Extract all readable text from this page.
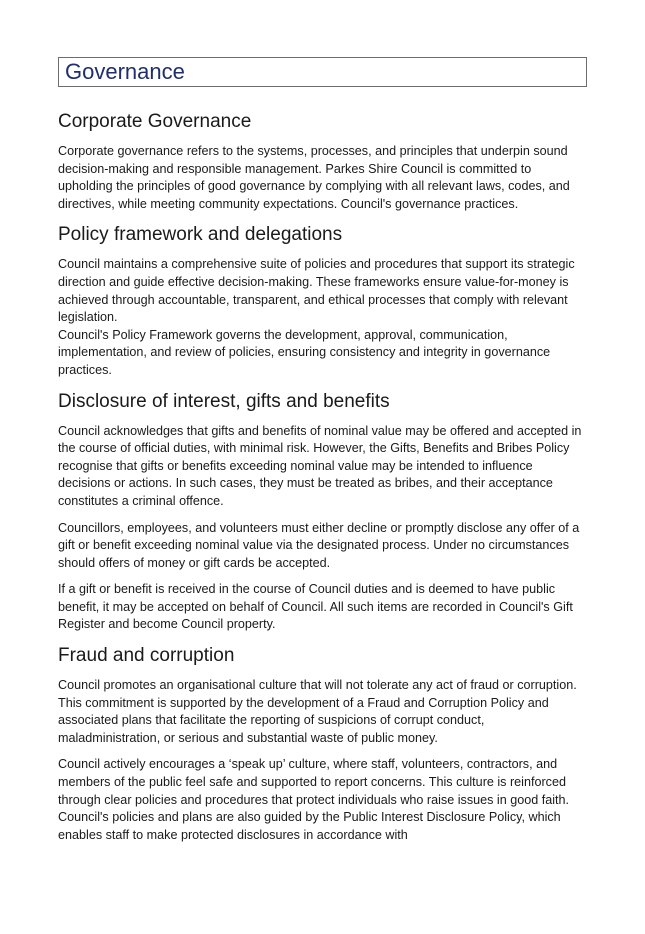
Governance
Corporate Governance

Corporate governance refers to the systems, processes, and principles that underpin sound decision-making and responsible management. Parkes Shire Council is committed to upholding the principles of good governance by complying with all relevant laws, codes, and directives, while meeting community expectations. Council's governance practices.

Policy framework and delegations

Council maintains a comprehensive suite of policies and procedures that support its strategic direction and guide effective decision-making. These frameworks ensure value-for-money is achieved through accountable, transparent, and ethical processes that comply with relevant legislation.

Council's Policy Framework governs the development, approval, communication, implementation, and review of policies, ensuring consistency and integrity in governance practices.

Disclosure of interest, gifts and benefits

Council acknowledges that gifts and benefits of nominal value may be offered and accepted in the course of official duties, with minimal risk. However, the Gifts, Benefits and Bribes Policy recognise that gifts or benefits exceeding nominal value may be intended to influence decisions or actions. In such cases, they must be treated as bribes, and their acceptance constitutes a criminal offence.

Councillors, employees, and volunteers must either decline or promptly disclose any offer of a gift or benefit exceeding nominal value via the designated process. Under no circumstances should offers of money or gift cards be accepted.

If a gift or benefit is received in the course of Council duties and is deemed to have public benefit, it may be accepted on behalf of Council. All such items are recorded in Council's Gift Register and become Council property.

Fraud and corruption

Council promotes an organisational culture that will not tolerate any act of fraud or corruption. This commitment is supported by the development of a Fraud and Corruption Policy and associated plans that facilitate the reporting of suspicions of corrupt conduct, maladministration, or serious and substantial waste of public money.

Council actively encourages a ‘speak up’ culture, where staff, volunteers, contractors, and members of the public feel safe and supported to report concerns. This culture is reinforced through clear policies and procedures that protect individuals who raise issues in good faith. Council's policies and plans are also guided by the Public Interest Disclosure Policy, which enables staff to make protected disclosures in accordance with
